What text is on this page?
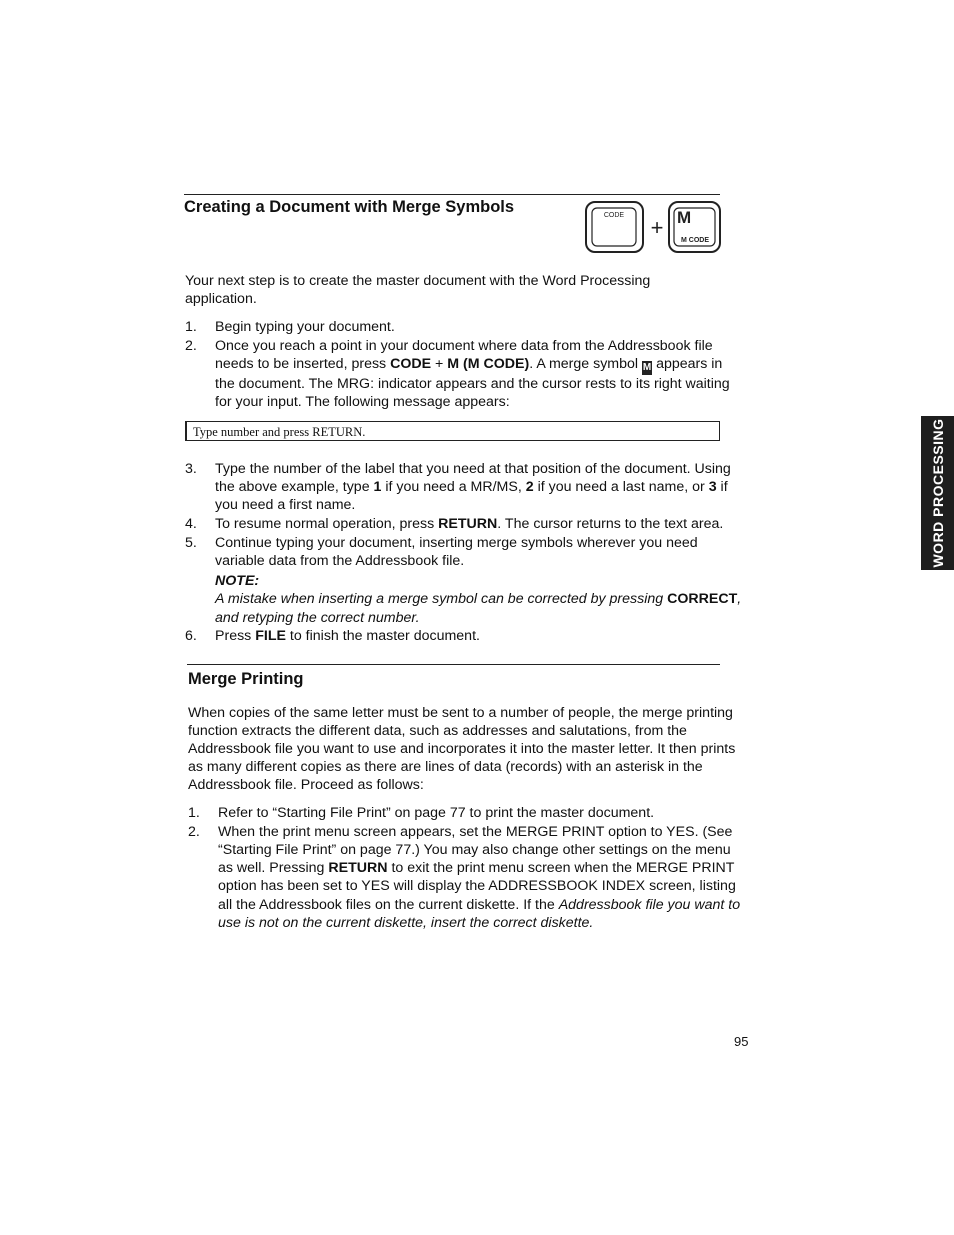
Creating a Document with Merge Symbols	CODE + M
M CODE

Your next step is to create the master document with the Word Processing application.

1. Begin typing your document.
2. Once you reach a point in your document where data from the Addressbook file needs to be inserted, press CODE + M (M CODE). A merge symbol M appears in the document. The MRG: indicator appears and the cursor rests to its right waiting for your input. The following message appears:
Type number and press RETURN.
3. Type the number of the label that you need at that position of the document. Using the above example, type 1 if you need a MR/MS, 2 if you need a last name, or 3 if you need a first name.
4. To resume normal operation, press RETURN. The cursor returns to the text area.
5. Continue typing your document, inserting merge symbols wherever you need variable data from the Addressbook file.
NOTE:
A mistake when inserting a merge symbol can be corrected by pressing CORRECT, and retyping the correct number.
6. Press FILE to finish the master document.
Merge Printing

When copies of the same letter must be sent to a number of people, the merge printing function extracts the different data, such as addresses and salutations, from the Addressbook file you want to use and incorporates it into the master letter. It then prints as many different copies as there are lines of data (records) with an asterisk in the Addressbook file. Proceed as follows:

1. Refer to “Starting File Print” on page 77 to print the master document.
2. When the print menu screen appears, set the MERGE PRINT option to YES. (See “Starting File Print” on page 77.) You may also change other settings on the menu as well. Pressing RETURN to exit the print menu screen when the MERGE PRINT option has been set to YES will display the ADDRESSBOOK INDEX screen, listing all the Addressbook files on the current diskette. If the Addressbook file you want to use is not on the current diskette, insert the correct diskette.
WORD PROCESSING
95
